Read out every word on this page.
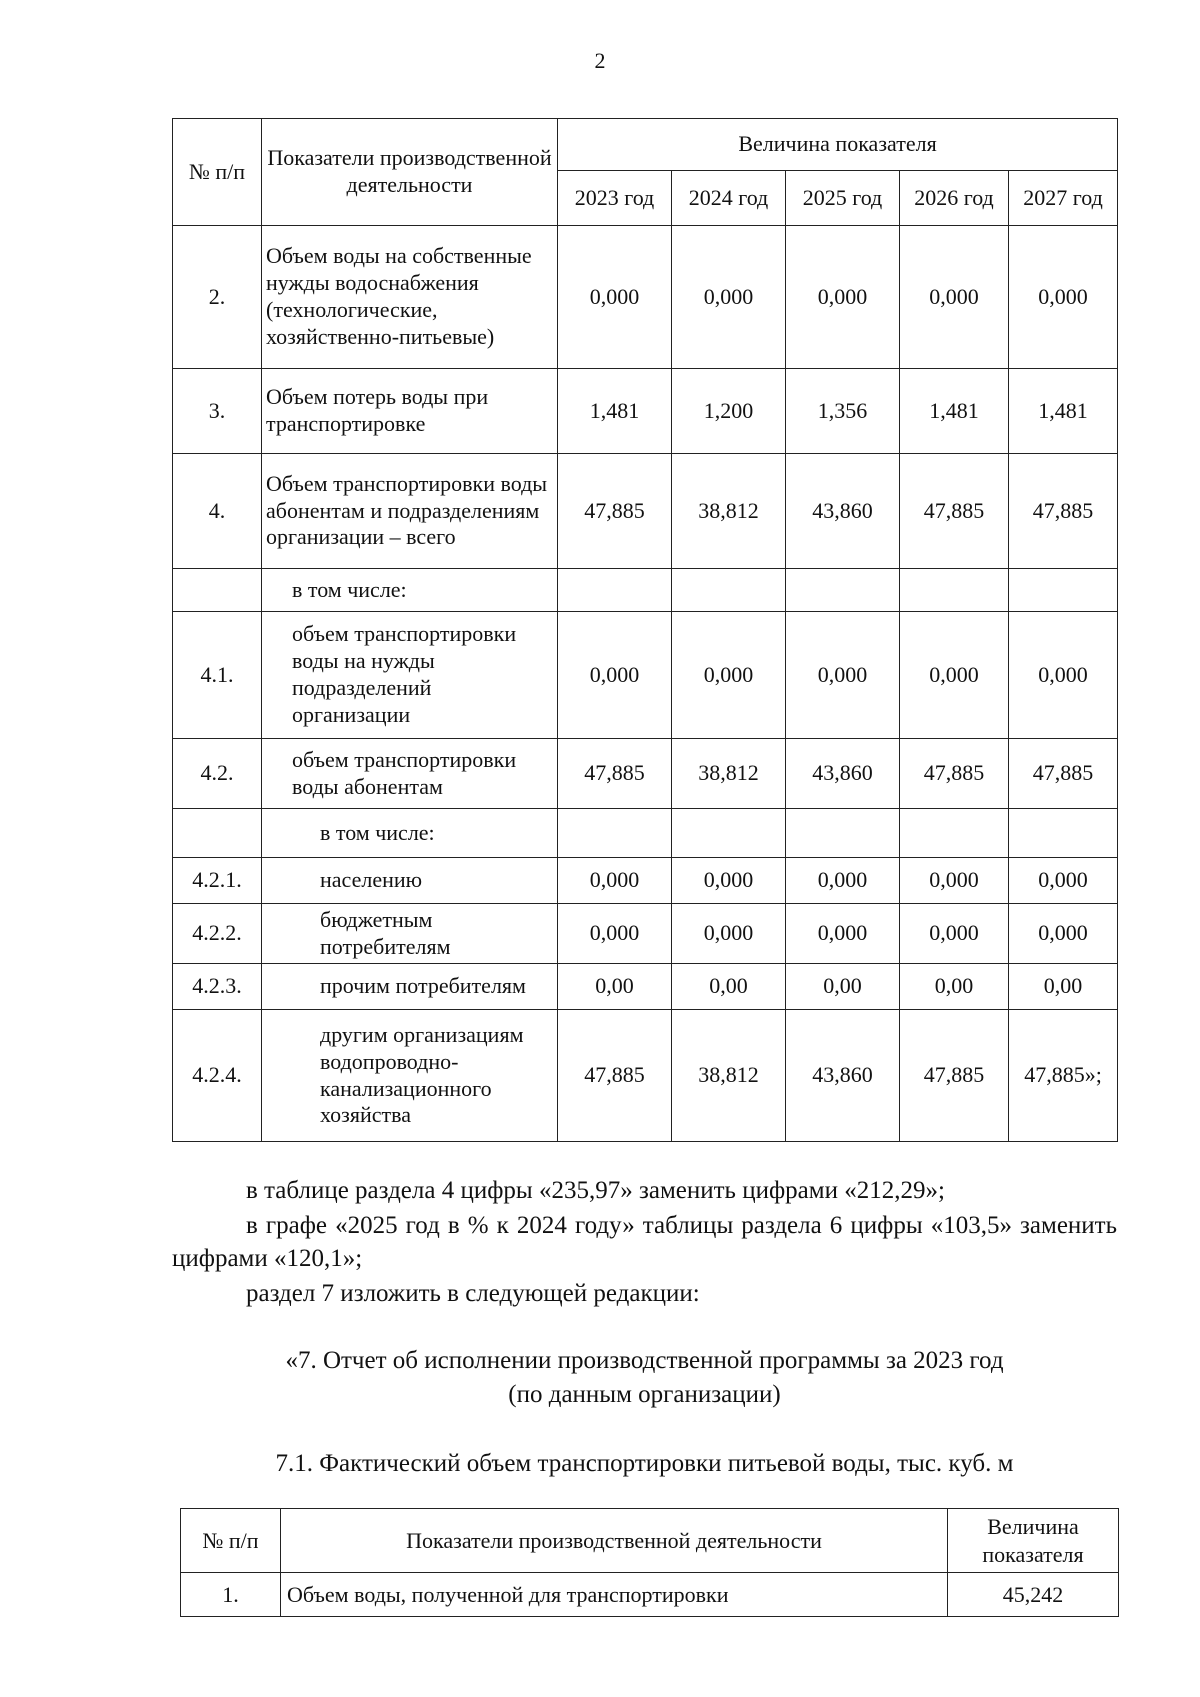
2
№ п/п	Показатели производственной деятельности	Величина показателя				
		2023 год	2024 год	2025 год	2026 год	2027 год
2.	Объем воды на собственные нужды водоснабжения (технологические, хозяйственно-питьевые)	0,000	0,000	0,000	0,000	0,000
3.	Объем потерь воды при транспортировке	1,481	1,200	1,356	1,481	1,481
4.	Объем транспортировки воды абонентам и подразделениям организации – всего	47,885	38,812	43,860	47,885	47,885
	в том числе:					
4.1.	объем транспортировки воды на нужды подразделений организации	0,000	0,000	0,000	0,000	0,000
4.2.	объем транспортировки воды абонентам	47,885	38,812	43,860	47,885	47,885
	в том числе:					
4.2.1.	населению	0,000	0,000	0,000	0,000	0,000
4.2.2.	бюджетным потребителям	0,000	0,000	0,000	0,000	0,000
4.2.3.	прочим потребителям	0,00	0,00	0,00	0,00	0,00
4.2.4.	другим организациям водопроводно-канализационного хозяйства	47,885	38,812	43,860	47,885	47,885»;
в таблице раздела 4 цифры «235,97» заменить цифрами «212,29»;
в графе «2025 год в % к 2024 году» таблицы раздела 6 цифры «103,5» заменить цифрами «120,1»;
раздел 7 изложить в следующей редакции:
«7. Отчет об исполнении производственной программы за 2023 год
(по данным организации)
7.1. Фактический объем транспортировки питьевой воды, тыс. куб. м
№ п/п	Показатели производственной деятельности	Величина показателя
1.	Объем воды, полученной для транспортировки	45,242
